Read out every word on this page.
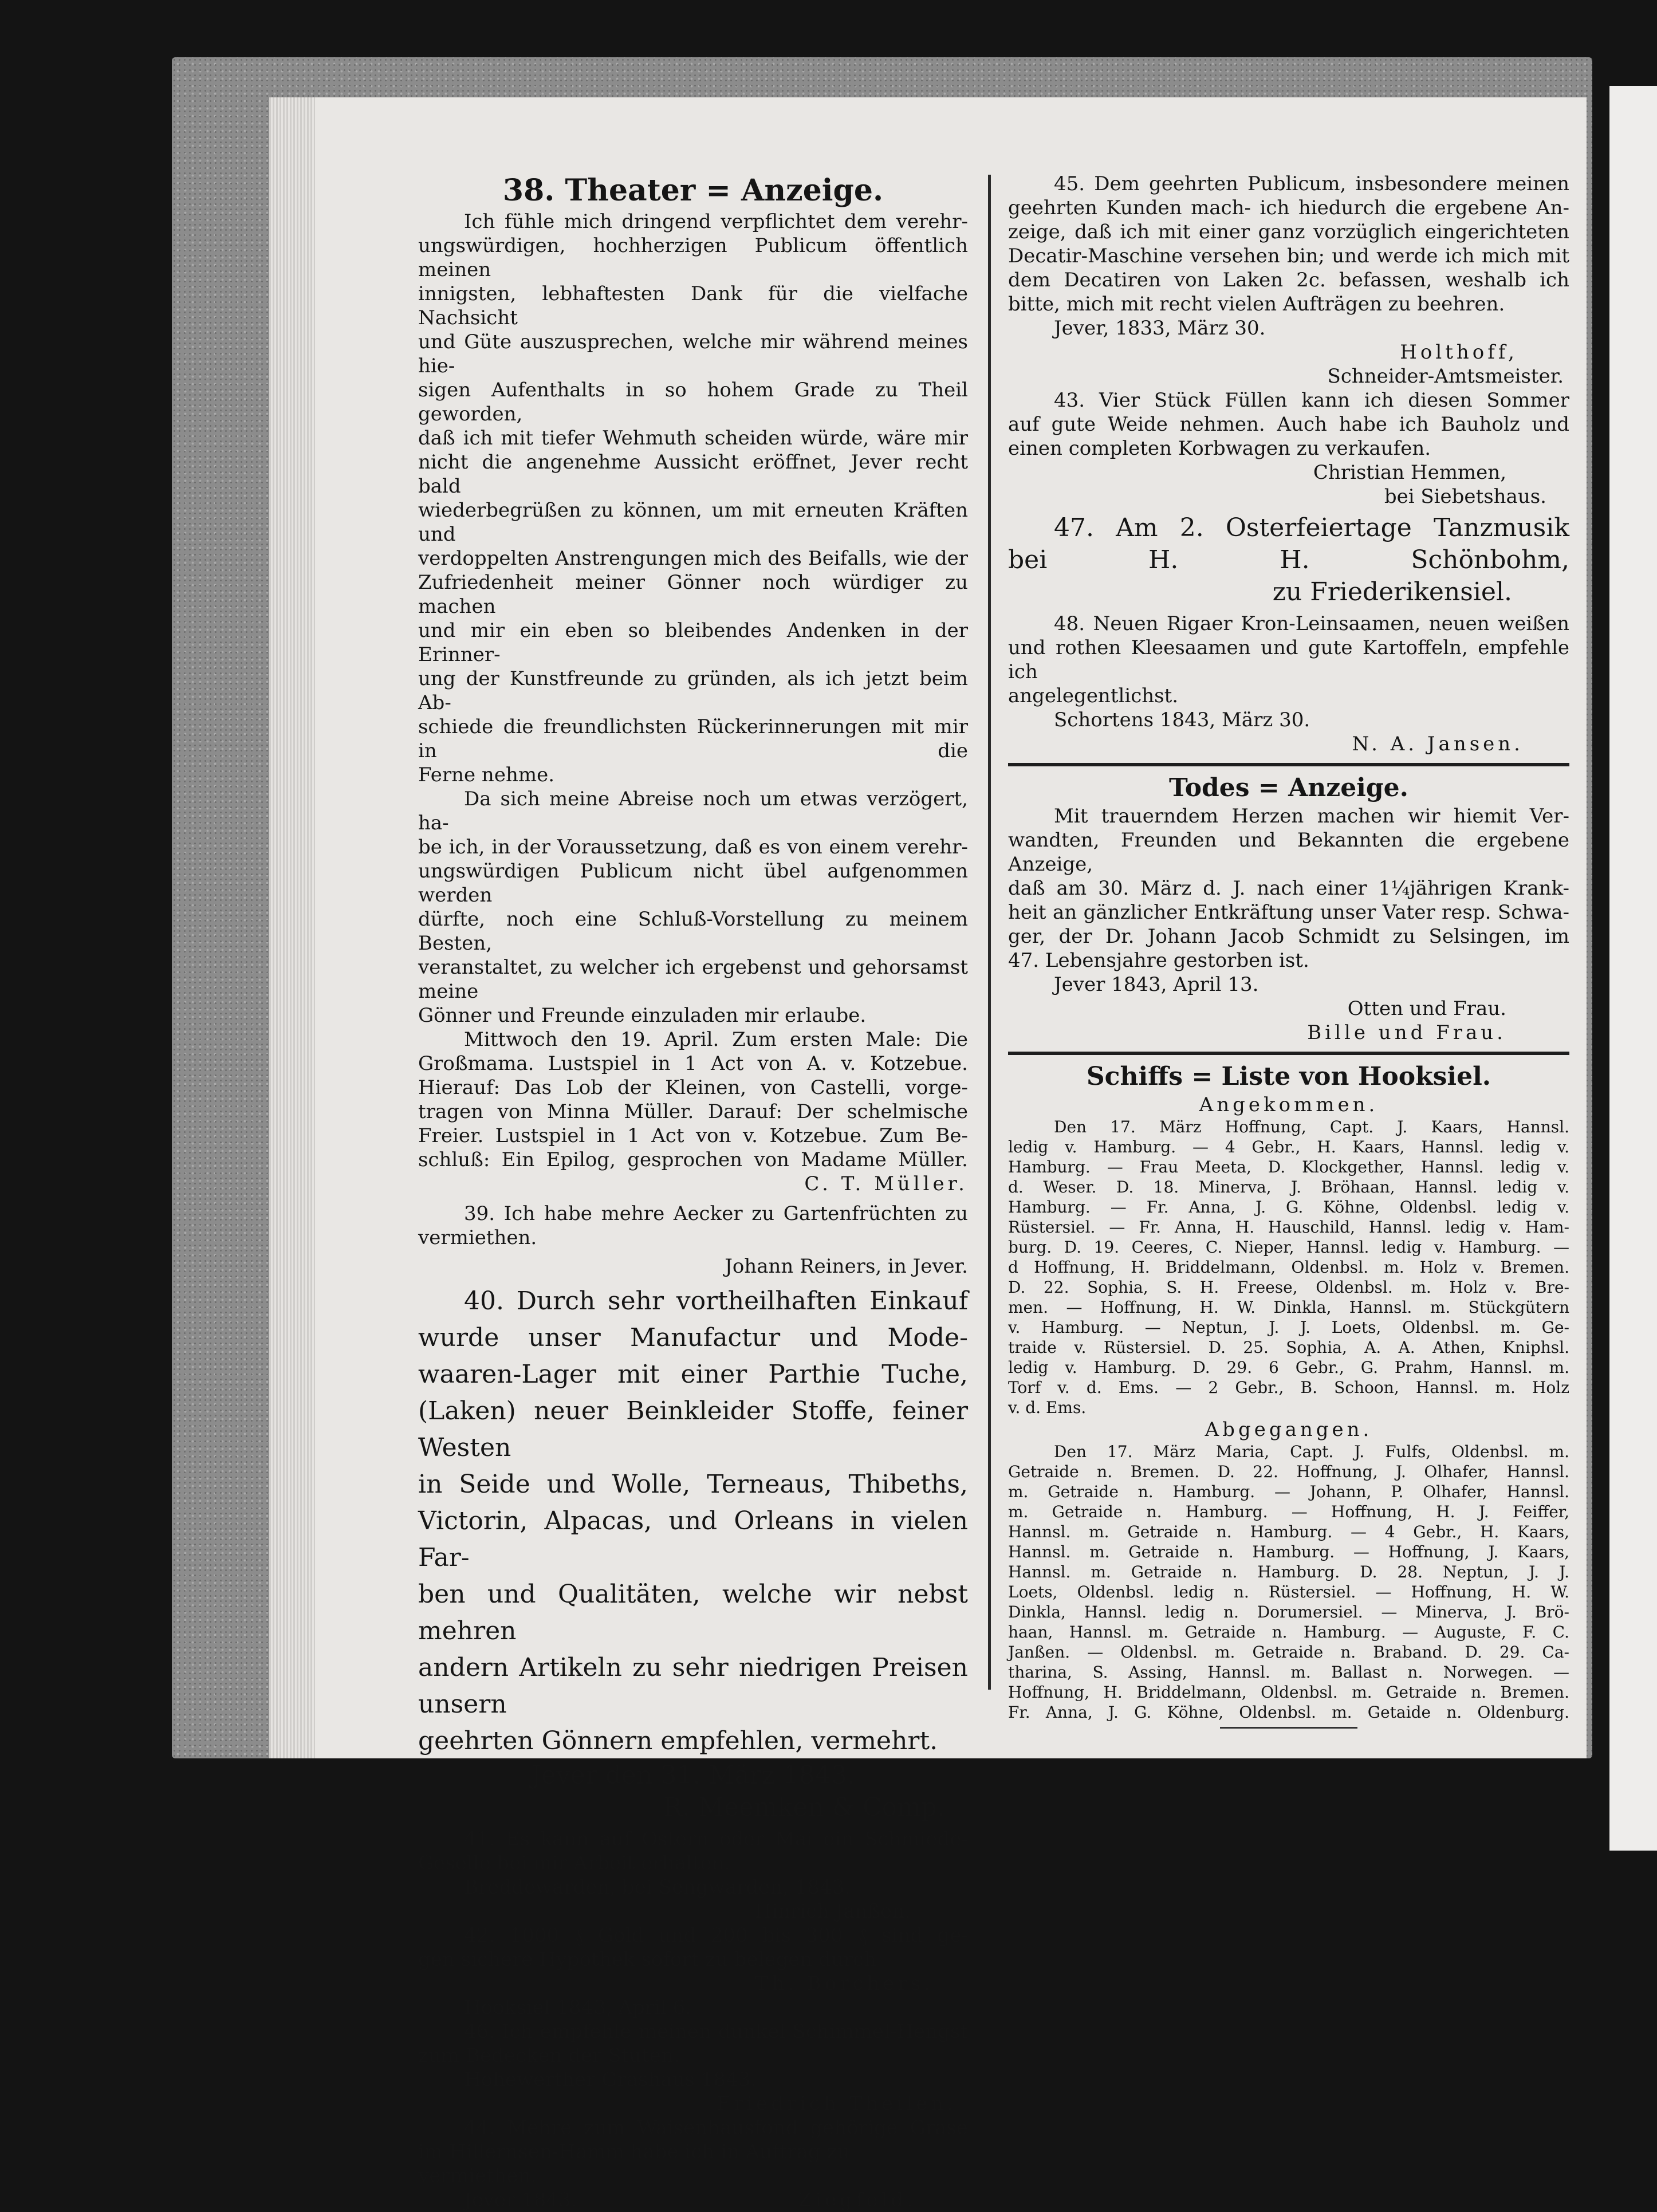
38. Theater = Anzeige.

Ich fühle mich dringend verpflichtet dem verehr-

ungswürdigen, hochherzigen Publicum öffentlich meinen

innigsten, lebhaftesten Dank für die vielfache Nachsicht

und Güte auszusprechen, welche mir während meines hie-

sigen Aufenthalts in so hohem Grade zu Theil geworden,

daß ich mit tiefer Wehmuth scheiden würde, wäre mir

nicht die angenehme Aussicht eröffnet, Jever recht bald

wiederbegrüßen zu können, um mit erneuten Kräften und

verdoppelten Anstrengungen mich des Beifalls, wie der

Zufriedenheit meiner Gönner noch würdiger zu machen

und mir ein eben so bleibendes Andenken in der Erinner-

ung der Kunstfreunde zu gründen, als ich jetzt beim Ab-

schiede die freundlichsten Rückerinnerungen mit mir in die

Ferne nehme.

Da sich meine Abreise noch um etwas verzögert, ha-

be ich, in der Voraussetzung, daß es von einem verehr-

ungswürdigen Publicum nicht übel aufgenommen werden

dürfte, noch eine Schluß-Vorstellung zu meinem Besten,

veranstaltet, zu welcher ich ergebenst und gehorsamst meine

Gönner und Freunde einzuladen mir erlaube.

Mittwoch den 19. April. Zum ersten Male: Die

Großmama. Lustspiel in 1 Act von A. v. Kotzebue.

Hierauf: Das Lob der Kleinen, von Castelli, vorge-

tragen von Minna Müller. Darauf: Der schelmische

Freier. Lustspiel in 1 Act von v. Kotzebue. Zum Be-

schluß: Ein Epilog, gesprochen von Madame Müller.

C. T. Müller.

39. Ich habe mehre Aecker zu Gartenfrüchten zu

vermiethen.

Johann Reiners, in Jever.

40. Durch sehr vortheilhaften Einkauf

wurde unser Manufactur und Mode-

waaren-Lager mit einer Parthie Tuche,

(Laken) neuer Beinkleider Stoffe, feiner Westen

in Seide und Wolle, Terneaus, Thibeths,

Victorin, Alpacas, und Orleans in vielen Far-

ben und Qualitäten, welche wir nebst mehren

andern Artikeln zu sehr niedrigen Preisen unsern

geehrten Gönnern empfehlen, vermehrt.

Jever den 31. März 1843.

R. Meemken & Comp.

41. Es kann auf Ostern oder Mai ein Schmiede-

Geselle bei mir Arbeit erhalten.

Breddewarden, bei Sengwarden, 1843.

Hinrich Janßen.

42. 1000 ₰ Gold und 200 bis 300 ₰ sind ge-

gen sichere Hypothek sofort zu belegen durch

Th. Borchers.

Hooksiel 1843, April 6.

46. Ich empfehle meinen dunkel Schimmel-Hengst

zum Bedecken der Stuten.

Hohewerther Grashaus 1843.

Friedrich Theilen.

44. Mehre zum Waisenhausfond gehörige Grase

im Hillernsen-Hamm habe ich in Auftrag zu vermiethen.

Jever 1843.	Ziegfeld.

45. Dem geehrten Publicum, insbesondere meinen

geehrten Kunden mach- ich hiedurch die ergebene An-

zeige, daß ich mit einer ganz vorzüglich eingerichteten

Decatir-Maschine versehen bin; und werde ich mich mit

dem Decatiren von Laken 2c. befassen, weshalb ich

bitte, mich mit recht vielen Aufträgen zu beehren.

Jever, 1833, März 30.

Holthoff,

Schneider-Amtsmeister.

43. Vier Stück Füllen kann ich diesen Sommer

auf gute Weide nehmen. Auch habe ich Bauholz und

einen completen Korbwagen zu verkaufen.

Christian Hemmen,

bei Siebetshaus.

47. Am 2. Osterfeiertage Tanzmusik

bei H. H. Schönbohm,

zu Friederikensiel.

48. Neuen Rigaer Kron-Leinsaamen, neuen weißen

und rothen Kleesaamen und gute Kartoffeln, empfehle ich

angelegentlichst.

Schortens 1843, März 30.

N. A. Jansen.

Todes = Anzeige.

Mit trauerndem Herzen machen wir hiemit Ver-

wandten, Freunden und Bekannten die ergebene Anzeige,

daß am 30. März d. J. nach einer 1¼jährigen Krank-

heit an gänzlicher Entkräftung unser Vater resp. Schwa-

ger, der Dr. Johann Jacob Schmidt zu Selsingen, im

47. Lebensjahre gestorben ist.

Jever 1843, April 13.

Otten und Frau.

Bille und Frau.

Schiffs = Liste von Hooksiel.

Angekommen.

Den 17. März Hoffnung, Capt. J. Kaars, Hannsl.

ledig v. Hamburg. — 4 Gebr., H. Kaars, Hannsl. ledig v.

Hamburg. — Frau Meeta, D. Klockgether, Hannsl. ledig v.

d. Weser. D. 18. Minerva, J. Bröhaan, Hannsl. ledig v.

Hamburg. — Fr. Anna, J. G. Köhne, Oldenbsl. ledig v.

Rüstersiel. — Fr. Anna, H. Hauschild, Hannsl. ledig v. Ham-

burg. D. 19. Ceeres, C. Nieper, Hannsl. ledig v. Hamburg. —

d Hoffnung, H. Briddelmann, Oldenbsl. m. Holz v. Bremen.

D. 22. Sophia, S. H. Freese, Oldenbsl. m. Holz v. Bre-

men. — Hoffnung, H. W. Dinkla, Hannsl. m. Stückgütern

v. Hamburg. — Neptun, J. J. Loets, Oldenbsl. m. Ge-

traide v. Rüstersiel. D. 25. Sophia, A. A. Athen, Kniphsl.

ledig v. Hamburg. D. 29. 6 Gebr., G. Prahm, Hannsl. m.

Torf v. d. Ems. — 2 Gebr., B. Schoon, Hannsl. m. Holz

v. d. Ems.

Abgegangen.

Den 17. März Maria, Capt. J. Fulfs, Oldenbsl. m.

Getraide n. Bremen. D. 22. Hoffnung, J. Olhafer, Hannsl.

m. Getraide n. Hamburg. — Johann, P. Olhafer, Hannsl.

m. Getraide n. Hamburg. — Hoffnung, H. J. Feiffer,

Hannsl. m. Getraide n. Hamburg. — 4 Gebr., H. Kaars,

Hannsl. m. Getraide n. Hamburg. — Hoffnung, J. Kaars,

Hannsl. m. Getraide n. Hamburg. D. 28. Neptun, J. J.

Loets, Oldenbsl. ledig n. Rüstersiel. — Hoffnung, H. W.

Dinkla, Hannsl. ledig n. Dorumersiel. — Minerva, J. Brö-

haan, Hannsl. m. Getraide n. Hamburg. — Auguste, F. C.

Janßen. — Oldenbsl. m. Getraide n. Braband. D. 29. Ca-

tharina, S. Assing, Hannsl. m. Ballast n. Norwegen. —

Hoffnung, H. Briddelmann, Oldenbsl. m. Getraide n. Bremen.

Fr. Anna, J. G. Köhne, Oldenbsl. m. Getaide n. Oldenburg.
